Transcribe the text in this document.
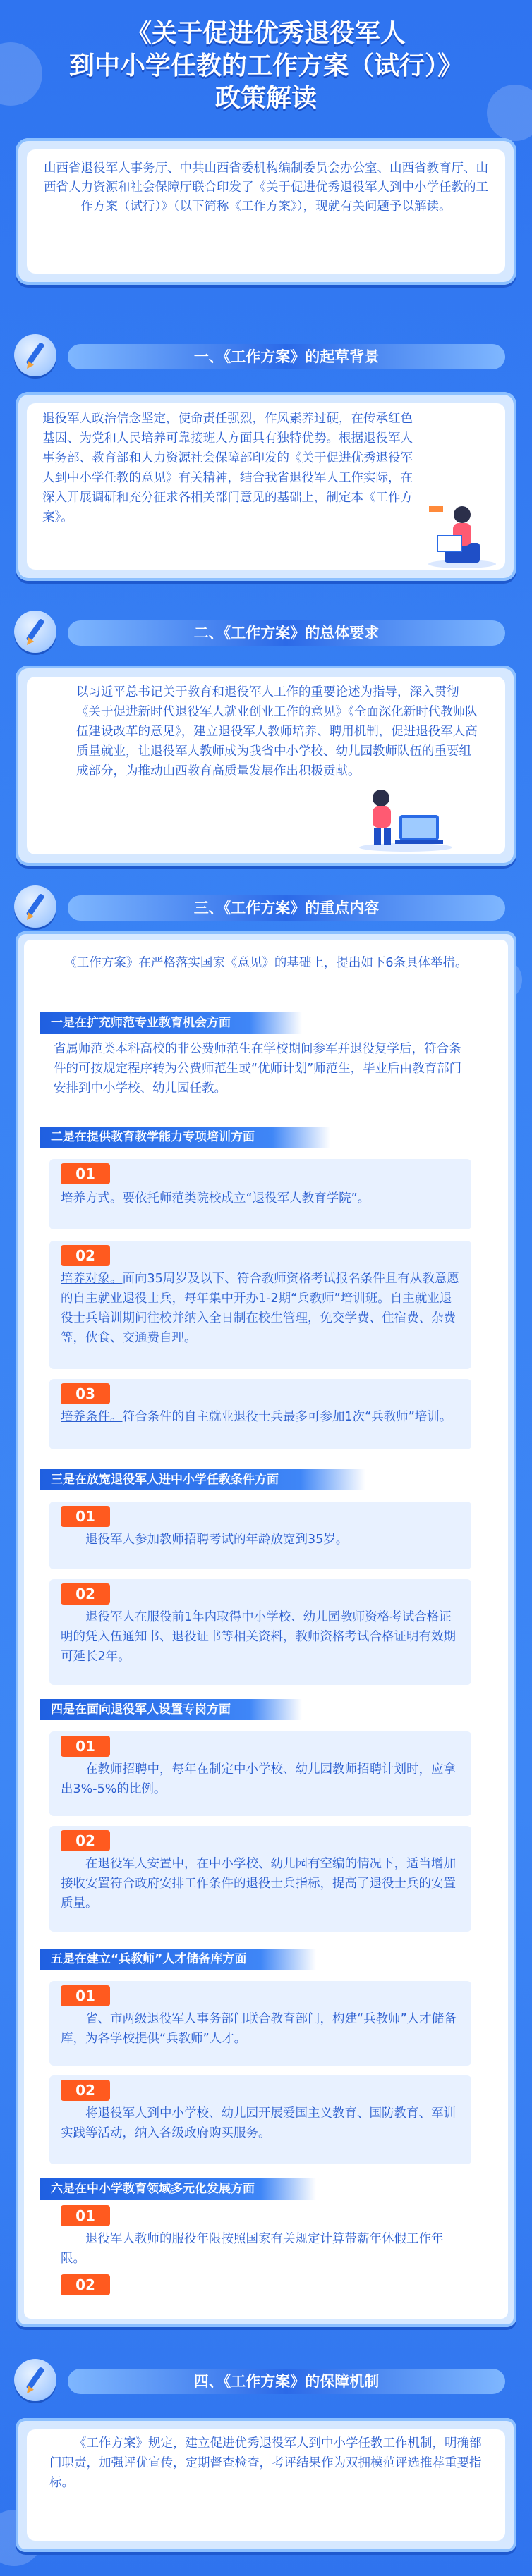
《关于促进优秀退役军人
到中小学任教的工作方案（试行）》
政策解读
山西省退役军人事务厅、中共山西省委机构编制委员会办公室、山西省教育厅、山西省人力资源和社会保障厅联合印发了《关于促进优秀退役军人到中小学任教的工作方案（试行）》（以下简称《工作方案》），现就有关问题予以解读。
一、《工作方案》的起草背景
退役军人政治信念坚定，使命责任强烈，作风素养过硬，在传承红色基因、为党和人民培养可靠接班人方面具有独特优势。根据退役军人事务部、教育部和人力资源社会保障部印发的《关于促进优秀退役军人到中小学任教的意见》有关精神，结合我省退役军人工作实际，在深入开展调研和充分征求各相关部门意见的基础上，制定本《工作方案》。
二、《工作方案》的总体要求
以习近平总书记关于教育和退役军人工作的重要论述为指导，深入贯彻《关于促进新时代退役军人就业创业工作的意见》《全面深化新时代教师队伍建设改革的意见》，建立退役军人教师培养、聘用机制，促进退役军人高质量就业，让退役军人教师成为我省中小学校、幼儿园教师队伍的重要组成部分，为推动山西教育高质量发展作出积极贡献。
三、《工作方案》的重点内容
《工作方案》在严格落实国家《意见》的基础上，提出如下6条具体举措。
一是在扩充师范专业教育机会方面
省属师范类本科高校的非公费师范生在学校期间参军并退役复学后，符合条件的可按规定程序转为公费师范生或“优师计划”师范生，毕业后由教育部门安排到中小学校、幼儿园任教。
二是在提供教育教学能力专项培训方面
01
培养方式。要依托师范类院校成立“退役军人教育学院”。
02
培养对象。面向35周岁及以下、符合教师资格考试报名条件且有从教意愿的自主就业退役士兵，每年集中开办1-2期“兵教师”培训班。自主就业退役士兵培训期间往校并纳入全日制在校生管理，免交学费、住宿费、杂费等，伙食、交通费自理。
03
培养条件。符合条件的自主就业退役士兵最多可参加1次“兵教师”培训。
三是在放宽退役军人进中小学任教条件方面
01
退役军人参加教师招聘考试的年龄放宽到35岁。
02
退役军人在服役前1年内取得中小学校、幼儿园教师资格考试合格证明的凭入伍通知书、退役证书等相关资料，教师资格考试合格证明有效期可延长2年。
四是在面向退役军人设置专岗方面
01
在教师招聘中，每年在制定中小学校、幼儿园教师招聘计划时，应拿出3%-5%的比例。
02
在退役军人安置中，在中小学校、幼儿园有空编的情况下，适当增加接收安置符合政府安排工作条件的退役士兵指标，提高了退役士兵的安置质量。
五是在建立“兵教师”人才储备库方面
01
省、市两级退役军人事务部门联合教育部门，构建“兵教师”人才储备库，为各学校提供“兵教师”人才。
02
将退役军人到中小学校、幼儿园开展爱国主义教育、国防教育、军训实践等活动，纳入各级政府购买服务。
六是在中小学教育领域多元化发展方面
01
退役军人教师的服役年限按照国家有关规定计算带薪年休假工作年限。
02
四、《工作方案》的保障机制
《工作方案》规定，建立促进优秀退役军人到中小学任教工作机制，明确部门职责，加强评优宣传，定期督查检查，考评结果作为双拥模范评选推荐重要指标。
